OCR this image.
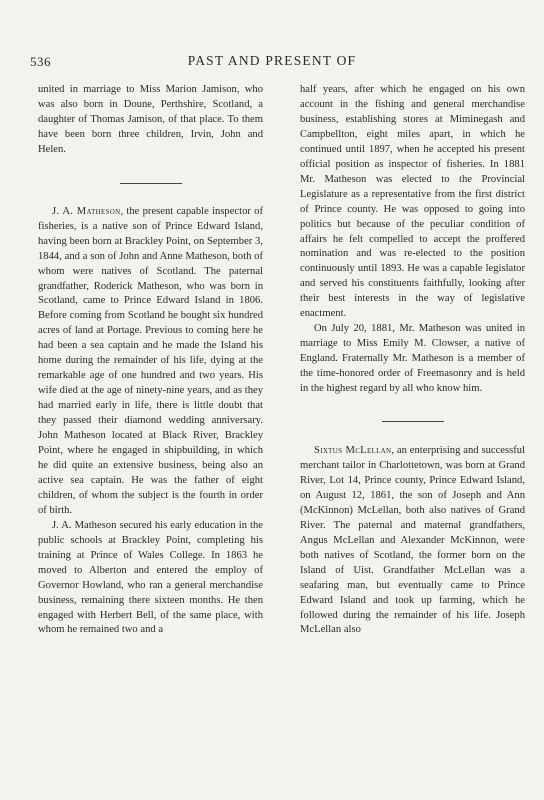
536	PAST AND PRESENT OF

united in marriage to Miss Marion Jamison, who was also born in Doune, Perthshire, Scotland, a daughter of Thomas Jamison, of that place. To them have been born three children, Irvin, John and Helen.

J. A. Matheson, the present capable inspector of fisheries, is a native son of Prince Edward Island, having been born at Brackley Point, on September 3, 1844, and a son of John and Anne Matheson, both of whom were natives of Scotland. The paternal grandfather, Roderick Matheson, who was born in Scotland, came to Prince Edward Island in 1806. Before coming from Scotland he bought six hundred acres of land at Portage. Previous to coming here he had been a sea captain and he made the Island his home during the remainder of his life, dying at the remarkable age of one hundred and two years. His wife died at the age of ninety-nine years, and as they had married early in life, there is little doubt that they passed their diamond wedding anniversary. John Matheson located at Black River, Brackley Point, where he engaged in shipbuilding, in which he did quite an extensive business, being also an active sea captain. He was the father of eight children, of whom the subject is the fourth in order of birth.

J. A. Matheson secured his early education in the public schools at Brackley Point, completing his training at Prince of Wales College. In 1863 he moved to Alberton and entered the employ of Governor Howland, who ran a general merchandise business, remaining there sixteen months. He then engaged with Herbert Bell, of the same place, with whom he remained two and a

half years, after which he engaged on his own account in the fishing and general merchandise business, establishing stores at Miminegash and Campbellton, eight miles apart, in which he continued until 1897, when he accepted his present official position as inspector of fisheries. In 1881 Mr. Matheson was elected to the Provincial Legislature as a representative from the first district of Prince county. He was opposed to going into politics but because of the peculiar condition of affairs he felt compelled to accept the proffered nomination and was re-elected to the position continuously until 1893. He was a capable legislator and served his constituents faithfully, looking after their best interests in the way of legislative enactment.

On July 20, 1881, Mr. Matheson was united in marriage to Miss Emily M. Clowser, a native of England. Fraternally Mr. Matheson is a member of the time-honored order of Freemasonry and is held in the highest regard by all who know him.

Sixtus McLellan, an enterprising and successful merchant tailor in Charlottetown, was born at Grand River, Lot 14, Prince county, Prince Edward Island, on August 12, 1861, the son of Joseph and Ann (McKinnon) McLellan, both also natives of Grand River. The paternal and maternal grandfathers, Angus McLellan and Alexander McKinnon, were both natives of Scotland, the former born on the Island of Uist. Grandfather McLellan was a seafaring man, but eventually came to Prince Edward Island and took up farming, which he followed during the remainder of his life. Joseph McLellan also
